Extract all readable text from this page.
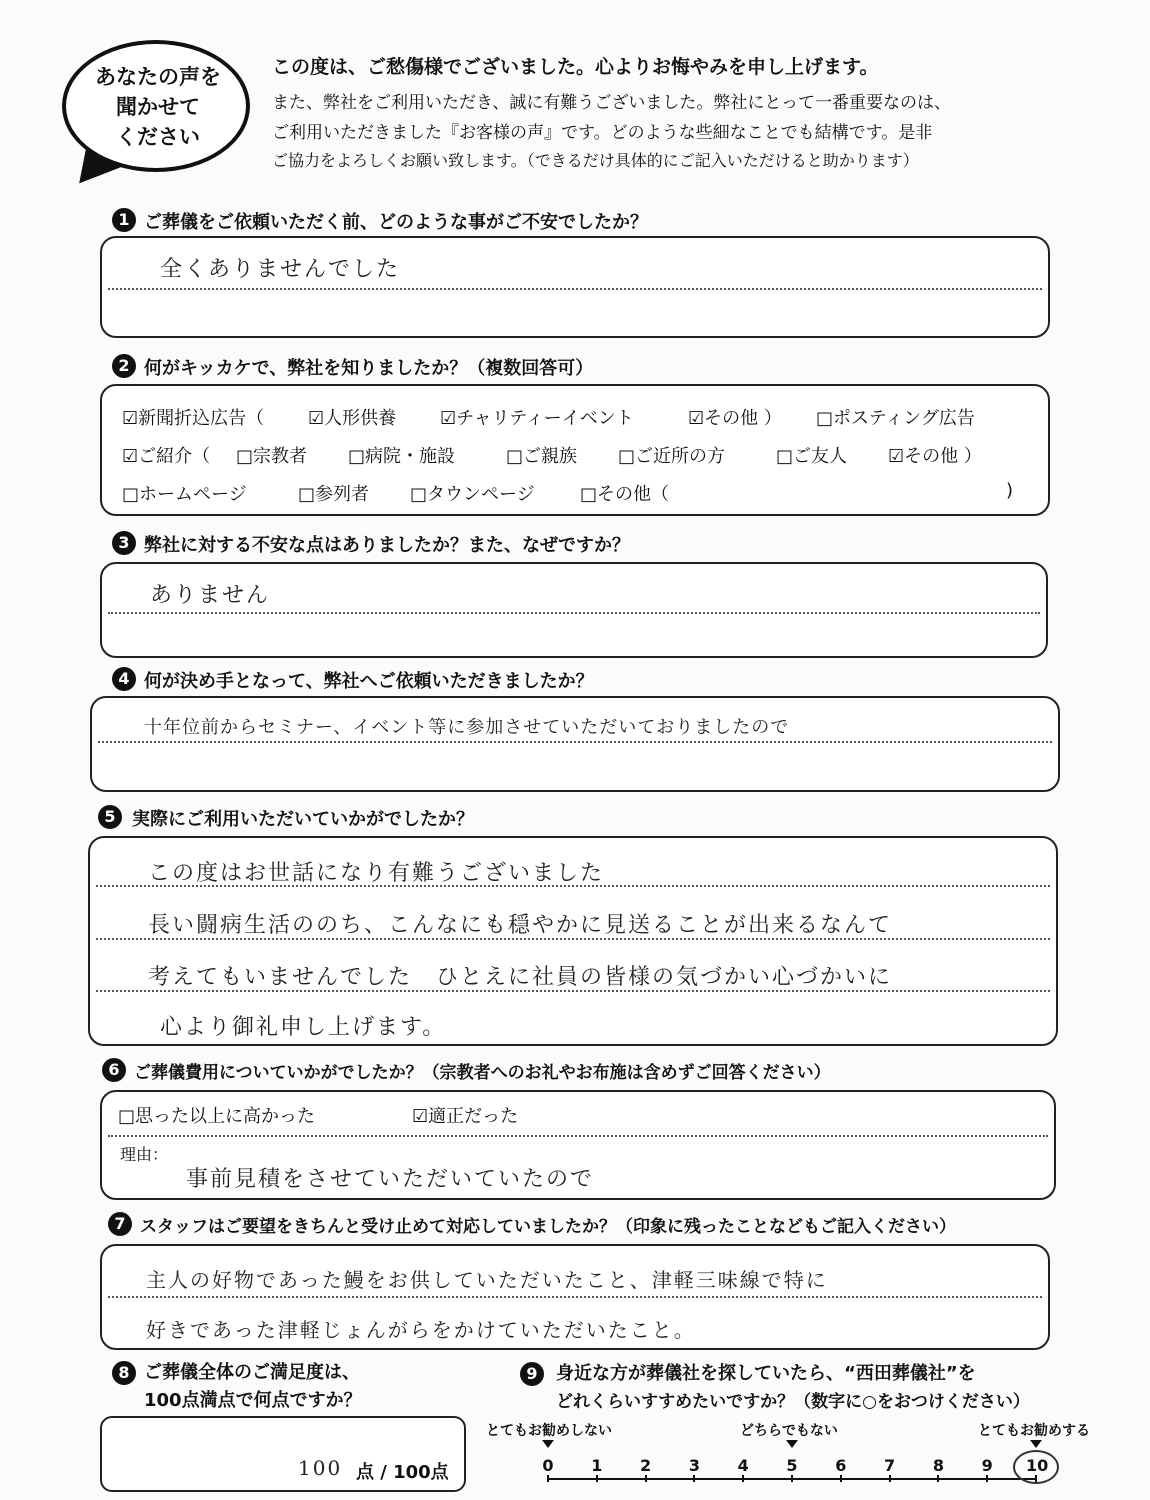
あなたの声を
聞かせて
ください
この度は、ご愁傷様でございました。心よりお悔やみを申し上げます。
また、弊社をご利用いただき、誠に有難うございました。弊社にとって一番重要なのは、
ご利用いただきました『お客様の声』です。どのような些細なことでも結構です。是非
ご協力をよろしくお願い致します。（できるだけ具体的にご記入いただけると助かります）
1 ご葬儀をご依頼いただく前、どのような事がご不安でしたか？
全くありませんでした
2 何がキッカケで、弊社を知りましたか？（複数回答可）
☑新聞折込広告（ ☑人形供養 ☑チャリティーイベント	☑その他 ） □ポスティング広告
☑ご紹介（ □宗教者 □病院・施設	□ご親族 □ご近所の方	□ご友人 ☑その他 ）
□ホームページ	□参列者 □タウンページ	□その他（	)
3 弊社に対する不安な点はありましたか？また、なぜですか？
ありません
4 何が決め手となって、弊社へご依頼いただきましたか？
十年位前からセミナー、イベント等に参加させていただいておりましたので
5 実際にご利用いただいていかがでしたか？
この度はお世話になり有難うございました
長い闘病生活ののち、こんなにも穏やかに見送ることが出来るなんて
考えてもいませんでした　ひとえに社員の皆様の気づかい心づかいに
心より御礼申し上げます。
6 ご葬儀費用についていかがでしたか？（宗教者へのお礼やお布施は含めずご回答ください）
□思った以上に高かった	☑適正だった
理由：
事前見積をさせていただいていたので
7 スタッフはご要望をきちんと受け止めて対応していましたか？（印象に残ったことなどもご記入ください）
主人の好物であった鰻をお供していただいたこと、津軽三味線で特に
好きであった津軽じょんがらをかけていただいたこと。
8 ご葬儀全体のご満足度は、
100点満点で何点ですか？
100 点 / 100点
9	身近な方が葬儀社を探していたら、“西田葬儀社”を
どれくらいすすめたいですか？（数字に○をおつけください）
とてもお勧めしない	どちらでもない	とてもお勧めする
0 1 2 3 4 5 6 7 8 9 10
